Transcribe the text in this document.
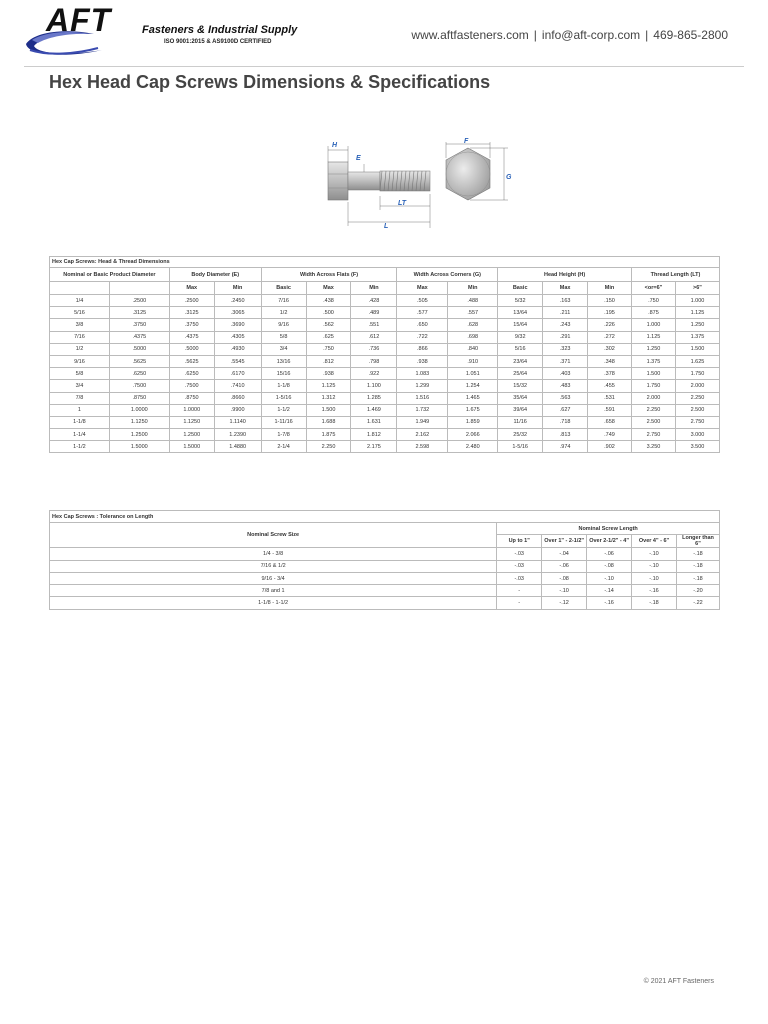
AFT	Fasteners & Industrial Supply
ISO 9001:2015 & AS9100D CERTIFIED	www.aftfasteners.com | info@aft-corp.com | 469-865-2800
Hex Head Cap Screws Dimensions & Specifications
H
E
LT
L
F
G
Hex Cap Screws: Head & Thread Dimensions													
Nominal or Basic Product Diameter		Body Diameter (E)		Width Across Flats (F)			Width Across Corners (G)		Head Height (H)			Thread Length (LT)	
		Max	Min	Basic	Max	Min	Max	Min	Basic	Max	Min	<or=6"	>6"
1/4	.2500	.2500	.2450	7/16	.438	.428	.505	.488	5/32	.163	.150	.750	1.000
5/16	.3125	.3125	.3065	1/2	.500	.489	.577	.557	13/64	.211	.195	.875	1.125
3/8	.3750	.3750	.3690	9/16	.562	.551	.650	.628	15/64	.243	.226	1.000	1.250
7/16	.4375	.4375	.4305	5/8	.625	.612	.722	.698	9/32	.291	.272	1.125	1.375
1/2	.5000	.5000	.4930	3/4	.750	.736	.866	.840	5/16	.323	.302	1.250	1.500
9/16	.5625	.5625	.5545	13/16	.812	.798	.938	.910	23/64	.371	.348	1.375	1.625
5/8	.6250	.6250	.6170	15/16	.938	.922	1.083	1.051	25/64	.403	.378	1.500	1.750
3/4	.7500	.7500	.7410	1-1/8	1.125	1.100	1.299	1.254	15/32	.483	.455	1.750	2.000
7/8	.8750	.8750	.8660	1-5/16	1.312	1.285	1.516	1.465	35/64	.563	.531	2.000	2.250
1	1.0000	1.0000	.9900	1-1/2	1.500	1.469	1.732	1.675	39/64	.627	.591	2.250	2.500
1-1/8	1.1250	1.1250	1.1140	1-11/16	1.688	1.631	1.949	1.859	11/16	.718	.658	2.500	2.750
1-1/4	1.2500	1.2500	1.2390	1-7/8	1.875	1.812	2.162	2.066	25/32	.813	.749	2.750	3.000
1-1/2	1.5000	1.5000	1.4880	2-1/4	2.250	2.175	2.598	2.480	1-5/16	.974	.902	3.250	3.500
Hex Cap Screws : Tolerance on Length					
Nominal Screw Size	Nominal Screw Length				
	Up to 1"	Over 1" - 2-1/2"	Over 2-1/2" - 4"	Over 4" - 6"	Longer than 6"
1/4 - 3/8	-.03	-.04	-.06	-.10	-.18
7/16 & 1/2	-.03	-.06	-.08	-.10	-.18
9/16 - 3/4	-.03	-.08	-.10	-.10	-.18
7/8 and 1	-	-.10	-.14	-.16	-.20
1-1/8 - 1-1/2	-	-.12	-.16	-.18	-.22
© 2021 AFT Fasteners
